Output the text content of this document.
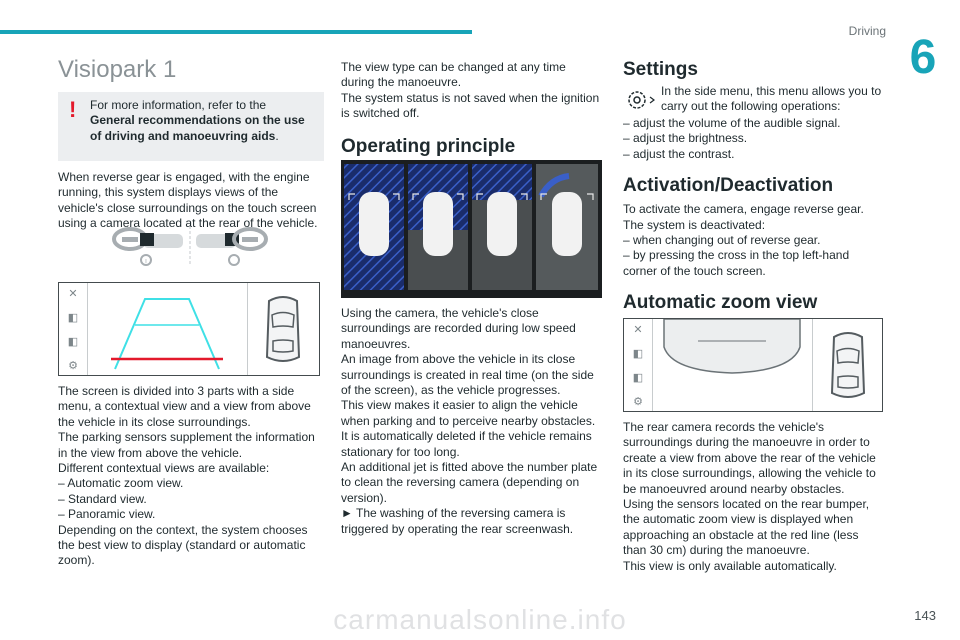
Driving 6
Visiopark 1
!	For more information, refer to the
General recommendations on the use of driving and manoeuvring aids.

When reverse gear is engaged, with the engine
running, this system displays views of the
vehicle's close surroundings on the touch screen
using a camera located at the rear of the vehicle.
ı
✕
◧
◧
⚙
The screen is divided into 3 parts with a side
menu, a contextual view and a view from above
the vehicle in its close surroundings.
The parking sensors supplement the information
in the view from above the vehicle.
Different contextual views are available:
– Automatic zoom view.
– Standard view.
– Panoramic view.
Depending on the context, the system chooses
the best view to display (standard or automatic
zoom).
The view type can be changed at any time
during the manoeuvre.
The system status is not saved when the ignition
is switched off.
Operating principle
Using the camera, the vehicle's close
surroundings are recorded during low speed
manoeuvres.
An image from above the vehicle in its close
surroundings is created in real time (on the side
of the screen), as the vehicle progresses.
This view makes it easier to align the vehicle
when parking and to perceive nearby obstacles.
It is automatically deleted if the vehicle remains
stationary for too long.
An additional jet is fitted above the number plate
to clean the reversing camera (depending on
version).
► The washing of the reversing camera is
triggered by operating the rear screenwash.
Settings
In the side menu, this menu allows you to
carry out the following operations:
– adjust the volume of the audible signal.
– adjust the brightness.
– adjust the contrast.
Activation/Deactivation
To activate the camera, engage reverse gear.
The system is deactivated:
– when changing out of reverse gear.
– by pressing the cross in the top left-hand
corner of the touch screen.
Automatic zoom view
✕
◧
◧
⚙
The rear camera records the vehicle's
surroundings during the manoeuvre in order to
create a view from above the rear of the vehicle
in its close surroundings, allowing the vehicle to
be manoeuvred around nearby obstacles.
Using the sensors located on the rear bumper,
the automatic zoom view is displayed when
approaching an obstacle at the red line (less
than 30 cm) during the manoeuvre.
This view is only available automatically.
carmanualsonline.info	143
